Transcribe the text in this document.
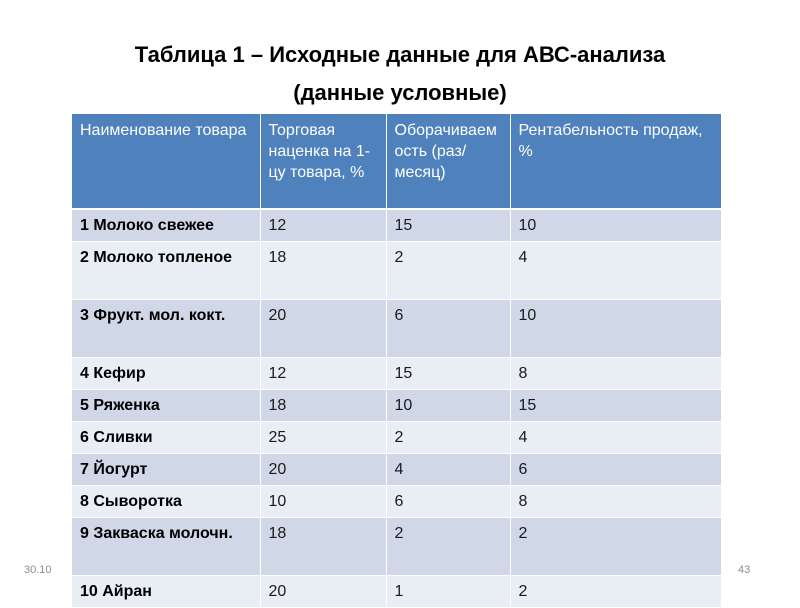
Таблица 1 – Исходные данные для АВС-анализа
(данные условные)
Наименование товара	Торговая наценка на 1-цу товара, %	Оборачиваемость (раз/месяц)	Рентабельность продаж, %
1 Молоко свежее	12	15	10
2 Молоко топленое	18	2	4
3 Фрукт. мол. кокт.	20	6	10
4 Кефир	12	15	8
5 Ряженка	18	10	15
6 Сливки	25	2	4
7 Йогурт	20	4	6
8 Сыворотка	10	6	8
9 Закваска молочн.	18	2	2
10 Айран	20	1	2
30.10	43
